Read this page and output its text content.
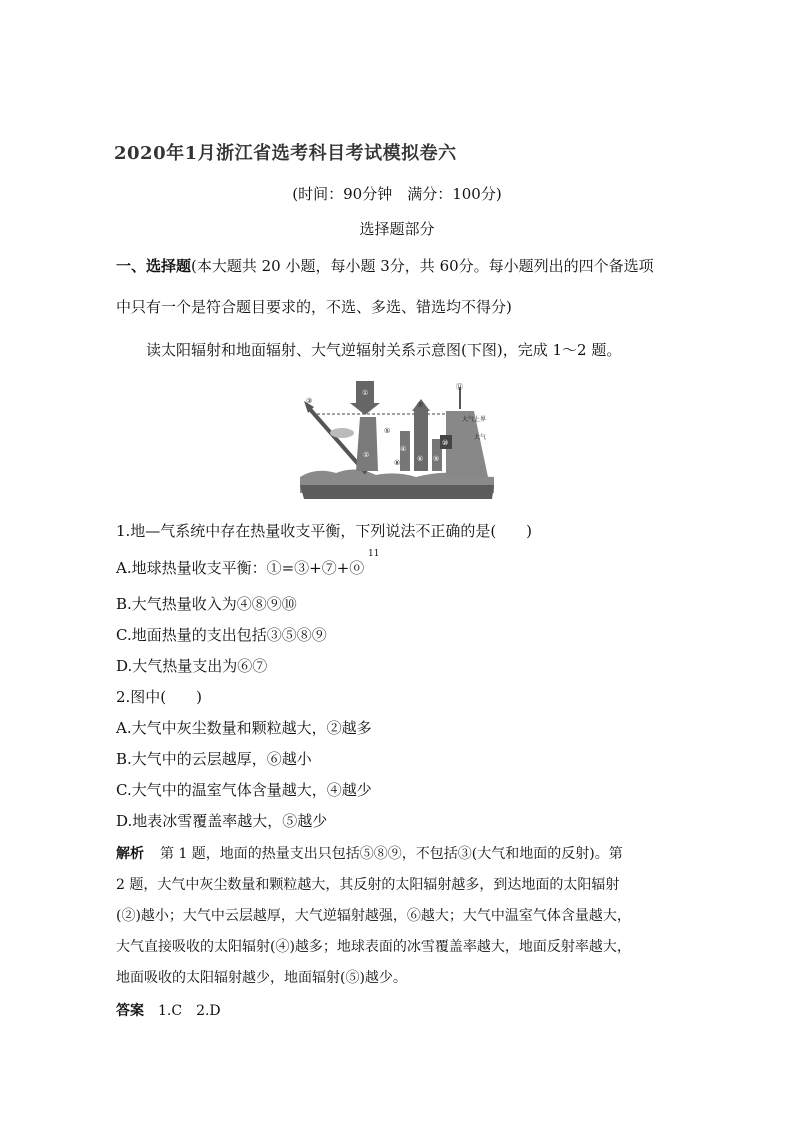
2020年1月浙江省选考科目考试模拟卷六
(时间：90分钟　满分：100分)
选择题部分
一、选择题(本大题共 20 小题，每小题 3分，共 60分。每小题列出的四个备选项
中只有一个是符合题目要求的，不选、多选、错选均不得分)
读太阳辐射和地面辐射、大气逆辐射关系示意图(下图)，完成 1～2 题。
大气上界
大气
①
②
③
④
⑤
⑥
⑦
⑧	⑨
⑩
⑪
1.地—气系统中存在热量收支平衡，下列说法不正确的是(　　)
A.地球热量收支平衡：①=③+⑦+ⓞ
11
B.大气热量收入为④⑧⑨⑩
C.地面热量的支出包括③⑤⑧⑨
D.大气热量支出为⑥⑦
2.图中(　　)
A.大气中灰尘数量和颗粒越大，②越多
B.大气中的云层越厚，⑥越小
C.大气中的温室气体含量越大，④越少
D.地表冰雪覆盖率越大，⑤越少
解析 第 1 题，地面的热量支出只包括⑤⑧⑨，不包括③(大气和地面的反射)。第
2 题，大气中灰尘数量和颗粒越大，其反射的太阳辐射越多，到达地面的太阳辐射
(②)越小；大气中云层越厚，大气逆辐射越强，⑥越大；大气中温室气体含量越大，
大气直接吸收的太阳辐射(④)越多；地球表面的冰雪覆盖率越大，地面反射率越大，
地面吸收的太阳辐射越少，地面辐射(⑤)越少。
答案 1.C　2.D
